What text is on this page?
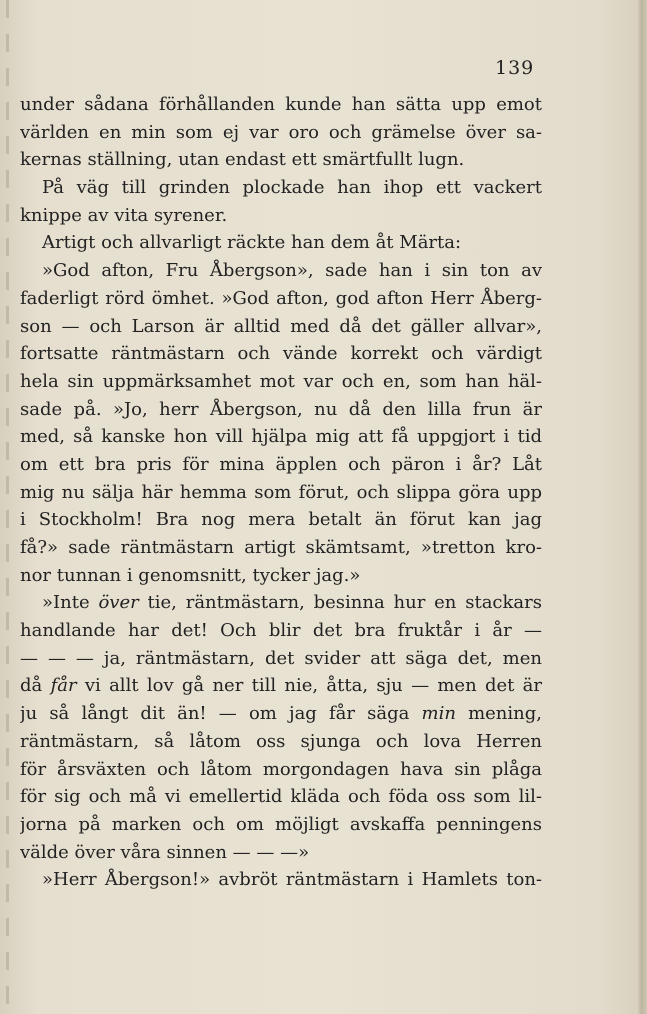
139
under sådana förhållanden kunde han sätta upp emot
världen en min som ej var oro och grämelse över sa-
kernas ställning, utan endast ett smärtfullt lugn.
På väg till grinden plockade han ihop ett vackert
knippe av vita syrener.
Artigt och allvarligt räckte han dem åt Märta:
»God afton, Fru Åbergson», sade han i sin ton av
faderligt rörd ömhet. »God afton, god afton Herr Åberg-
son — och Larson är alltid med då det gäller allvar»,
fortsatte räntmästarn och vände korrekt och värdigt
hela sin uppmärksamhet mot var och en, som han häl-
sade på. »Jo, herr Åbergson, nu då den lilla frun är
med, så kanske hon vill hjälpa mig att få uppgjort i tid
om ett bra pris för mina äpplen och päron i år? Låt
mig nu sälja här hemma som förut, och slippa göra upp
i Stockholm! Bra nog mera betalt än förut kan jag
få?» sade räntmästarn artigt skämtsamt, »tretton kro-
nor tunnan i genomsnitt, tycker jag.»
»Inte över tie, räntmästarn, besinna hur en stackars
handlande har det! Och blir det bra fruktår i år —
— — — ja, räntmästarn, det svider att säga det, men
då får vi allt lov gå ner till nie, åtta, sju — men det är
ju så långt dit än! — om jag får säga min mening,
räntmästarn, så låtom oss sjunga och lova Herren
för årsväxten och låtom morgondagen hava sin plåga
för sig och må vi emellertid kläda och föda oss som lil-
jorna på marken och om möjligt avskaffa penningens
välde över våra sinnen — — —»
»Herr Åbergson!» avbröt räntmästarn i Hamlets ton-
